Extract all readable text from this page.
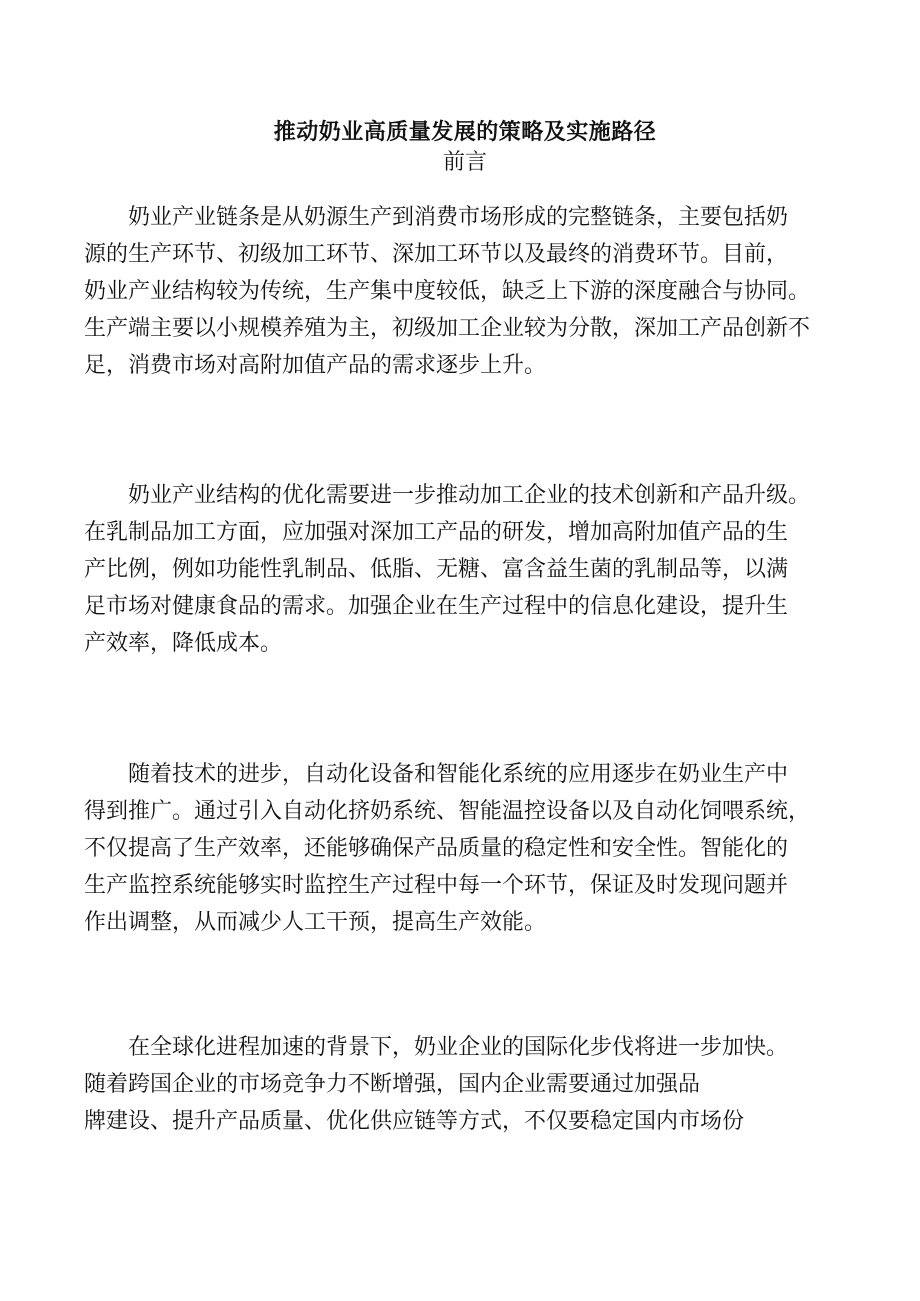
推动奶业高质量发展的策略及实施路径
前言
奶业产业链条是从奶源生产到消费市场形成的完整链条，主要包括奶
源的生产环节、初级加工环节、深加工环节以及最终的消费环节。目前，
奶业产业结构较为传统，生产集中度较低，缺乏上下游的深度融合与协同。
生产端主要以小规模养殖为主，初级加工企业较为分散，深加工产品创新不
足，消费市场对高附加值产品的需求逐步上升。
奶业产业结构的优化需要进一步推动加工企业的技术创新和产品升级。
在乳制品加工方面，应加强对深加工产品的研发，增加高附加值产品的生
产比例，例如功能性乳制品、低脂、无糖、富含益生菌的乳制品等，以满
足市场对健康食品的需求。加强企业在生产过程中的信息化建设，提升生
产效率，降低成本。
随着技术的进步，自动化设备和智能化系统的应用逐步在奶业生产中
得到推广。通过引入自动化挤奶系统、智能温控设备以及自动化饲喂系统，
不仅提高了生产效率，还能够确保产品质量的稳定性和安全性。智能化的
生产监控系统能够实时监控生产过程中每一个环节，保证及时发现问题并
作出调整，从而减少人工干预，提高生产效能。
在全球化进程加速的背景下，奶业企业的国际化步伐将进一步加快。
随着跨国企业的市场竞争力不断增强，国内企业需要通过加强品
牌建设、提升产品质量、优化供应链等方式，不仅要稳定国内市场份
